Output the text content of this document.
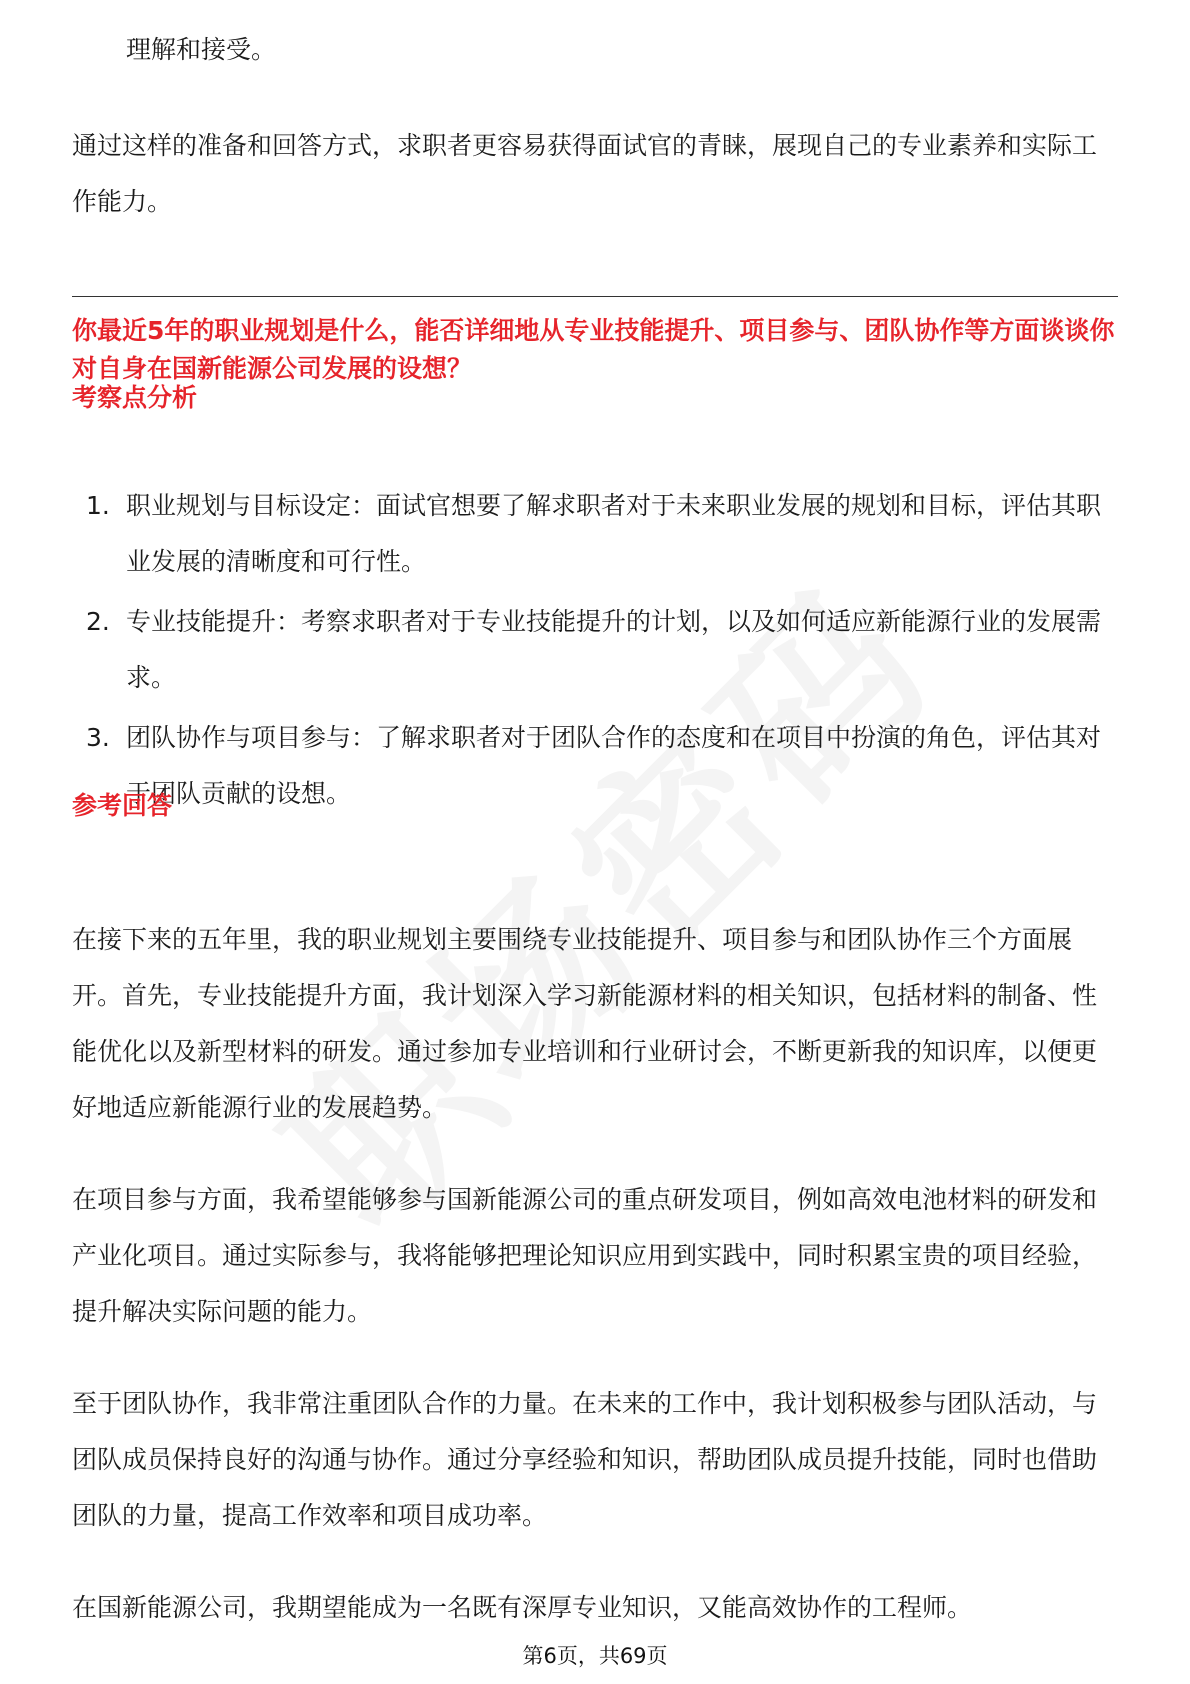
理解和接受。

通过这样的准备和回答方式，求职者更容易获得面试官的青睐，展现自己的专业素养和实际工作能力。

你最近5年的职业规划是什么，能否详细地从专业技能提升、项目参与、团队协作等方面谈谈你对自身在国新能源公司发展的设想？
考察点分析
1. 职业规划与目标设定：面试官想要了解求职者对于未来职业发展的规划和目标，评估其职业发展的清晰度和可行性。
2. 专业技能提升：考察求职者对于专业技能提升的计划，以及如何适应新能源行业的发展需求。
3. 团队协作与项目参与：了解求职者对于团队合作的态度和在项目中扮演的角色，评估其对于团队贡献的设想。
参考回答

在接下来的五年里，我的职业规划主要围绕专业技能提升、项目参与和团队协作三个方面展开。首先，专业技能提升方面，我计划深入学习新能源材料的相关知识，包括材料的制备、性能优化以及新型材料的研发。通过参加专业培训和行业研讨会，不断更新我的知识库，以便更好地适应新能源行业的发展趋势。

在项目参与方面，我希望能够参与国新能源公司的重点研发项目，例如高效电池材料的研发和产业化项目。通过实际参与，我将能够把理论知识应用到实践中，同时积累宝贵的项目经验，提升解决实际问题的能力。

至于团队协作，我非常注重团队合作的力量。在未来的工作中，我计划积极参与团队活动，与团队成员保持良好的沟通与协作。通过分享经验和知识，帮助团队成员提升技能，同时也借助团队的力量，提高工作效率和项目成功率。

在国新能源公司，我期望能成为一名既有深厚专业知识，又能高效协作的工程师。

第6页，共69页
